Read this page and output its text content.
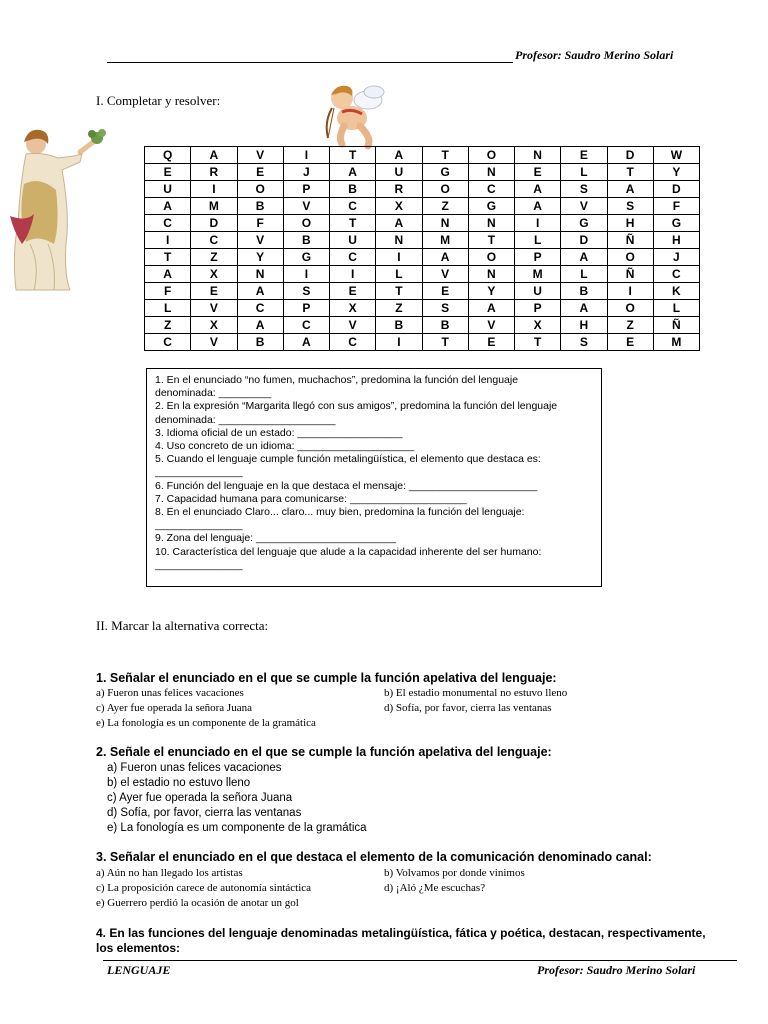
Profesor: Saudro Merino Solari
I. Completar y resolver:
Q	A	V	I	T	A	T	O	N	E	D	W
E	R	E	J	A	U	G	N	E	L	T	Y
U	I	O	P	B	R	O	C	A	S	A	D
A	M	B	V	C	X	Z	G	A	V	S	F
C	D	F	O	T	A	N	N	I	G	H	G
I	C	V	B	U	N	M	T	L	D	Ñ	H
T	Z	Y	G	C	I	A	O	P	A	O	J
A	X	N	I	I	L	V	N	M	L	Ñ	C
F	E	A	S	E	T	E	Y	U	B	I	K
L	V	C	P	X	Z	S	A	P	A	O	L
Z	X	A	C	V	B	B	V	X	H	Z	Ñ
C	V	B	A	C	I	T	E	T	S	E	M
1. En el enunciado “no fumen, muchachos”, predomina la función del lenguaje
denominada: _________
2. En la expresión “Margarita llegó con sus amigos”, predomina la función del lenguaje
denominada: ____________________
3. Idioma oficial de un estado: __________________
4. Uso concreto de un idioma: ____________________
5. Cuando el lenguaje cumple función metalingüística, el elemento que destaca es:
_______________
6. Función del lenguaje en la que destaca el mensaje: ______________________
7. Capacidad humana para comunicarse: ____________________
8. En el enunciado Claro... claro... muy bien, predomina la función del lenguaje:
_______________
9. Zona del lenguaje: ________________________
10. Característica del lenguaje que alude a la capacidad inherente del ser humano:
_______________
II. Marcar la alternativa correcta:
1. Señalar el enunciado en el que se cumple la función apelativa del lenguaje:
a) Fueron unas felices vacaciones	b) El estadio monumental no estuvo lleno
c) Ayer fue operada la señora Juana	d) Sofía, por favor, cierra las ventanas
e) La fonología es un componente de la gramática
2. Señale el enunciado en el que se cumple la función apelativa del lenguaje:
a) Fueron unas felices vacaciones
b) el estadio no estuvo lleno
c) Ayer fue operada la señora Juana
d) Sofía, por favor, cierra las ventanas
e) La fonología es um componente de la gramática
3. Señalar el enunciado en el que destaca el elemento de la comunicación denominado canal:
a) Aún no han llegado los artistas	b) Volvamos por donde vinimos
c) La proposición carece de autonomía sintáctica	d) ¡Aló ¿Me escuchas?
e) Guerrero perdió la ocasión de anotar un gol
4. En las funciones del lenguaje denominadas metalingüística, fática y poética, destacan, respectivamente,
los elementos:
LENGUAJE	Profesor: Saudro Merino Solari
